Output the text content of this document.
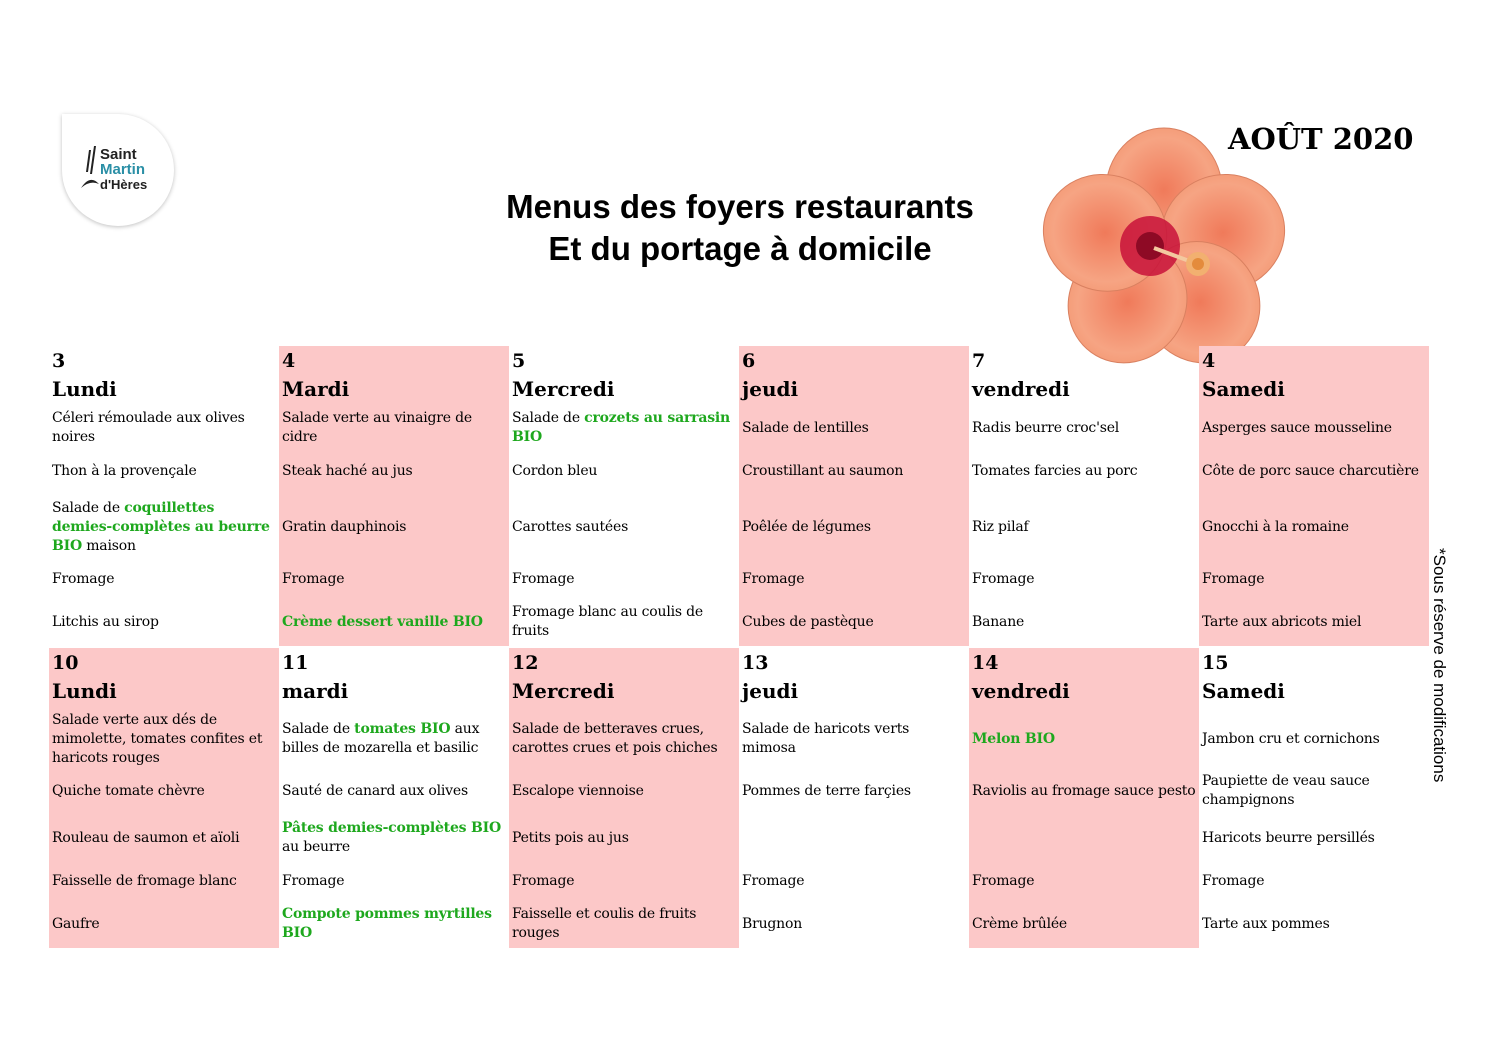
Saint
Martin
d'Hères
Menus des foyers restaurants
Et du portage à domicile
AOÛT 2020
*Sous réserve de modifications
3
Lundi
Céleri rémoulade aux olives noires
Thon à la provençale
Salade de coquillettes demies-complètes au beurre BIO maison
Fromage
Litchis au sirop
4
Mardi
Salade verte au vinaigre de cidre
Steak haché au jus
Gratin dauphinois
Fromage
Crème dessert vanille BIO
5
Mercredi
Salade de crozets au sarrasin BIO
Cordon bleu
Carottes sautées
Fromage
Fromage blanc au coulis de fruits
6
jeudi
Salade de lentilles
Croustillant au saumon
Poêlée de légumes
Fromage
Cubes de pastèque
7
vendredi
Radis beurre croc'sel
Tomates farcies au porc
Riz pilaf
Fromage
Banane
4
Samedi
Asperges sauce mousseline
Côte de porc sauce charcutière
Gnocchi à la romaine
Fromage
Tarte aux abricots miel
10
Lundi
Salade verte aux dés de mimolette, tomates confites et haricots rouges
Quiche tomate chèvre
Rouleau de saumon et aïoli
Faisselle de fromage blanc
Gaufre
11
mardi
Salade de tomates BIO aux billes de mozarella et basilic
Sauté de canard aux olives
Pâtes demies-complètes BIO au beurre
Fromage
Compote pommes myrtilles BIO
12
Mercredi
Salade de betteraves crues, carottes crues et pois chiches
Escalope viennoise
Petits pois au jus
Fromage
Faisselle et coulis de fruits rouges
13
jeudi
Salade de haricots verts mimosa
Pommes de terre farçies
Fromage
Brugnon
14
vendredi
Melon BIO
Raviolis au fromage sauce pesto
Fromage
Crème brûlée
15
Samedi
Jambon cru et cornichons
Paupiette de veau sauce champignons
Haricots beurre persillés
Fromage
Tarte aux pommes
